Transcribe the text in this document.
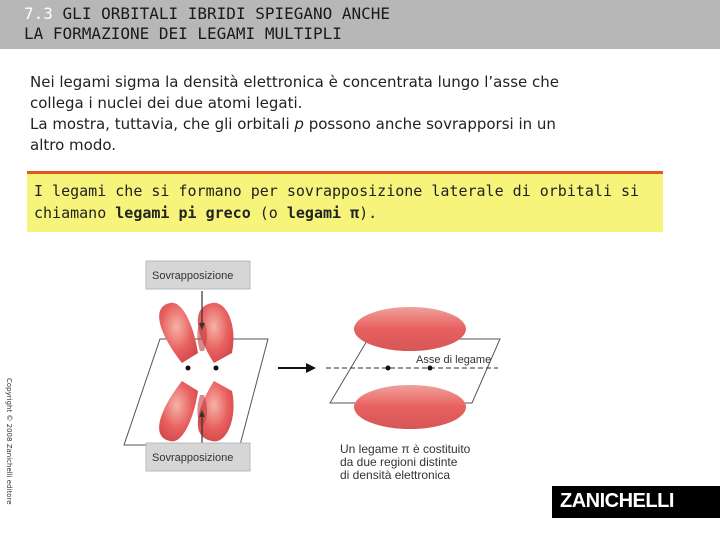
7.3 GLI ORBITALI IBRIDI SPIEGANO ANCHE
LA FORMAZIONE DEI LEGAMI MULTIPLI
Nei legami sigma la densità elettronica è concentrata lungo l’asse che
collega i nuclei dei due atomi legati.
La mostra, tuttavia, che gli orbitali p possono anche sovrapporsi in un
altro modo.
I legami che si formano per sovrapposizione laterale di orbitali si
chiamano legami pi greco (o legami π).
Copyright © 2008 Zanichelli editore
Sovrapposizione
Sovrapposizione
Asse di legame
Un legame π è costituito
da due regioni distinte
di densità elettronica
ZANICHELLI
